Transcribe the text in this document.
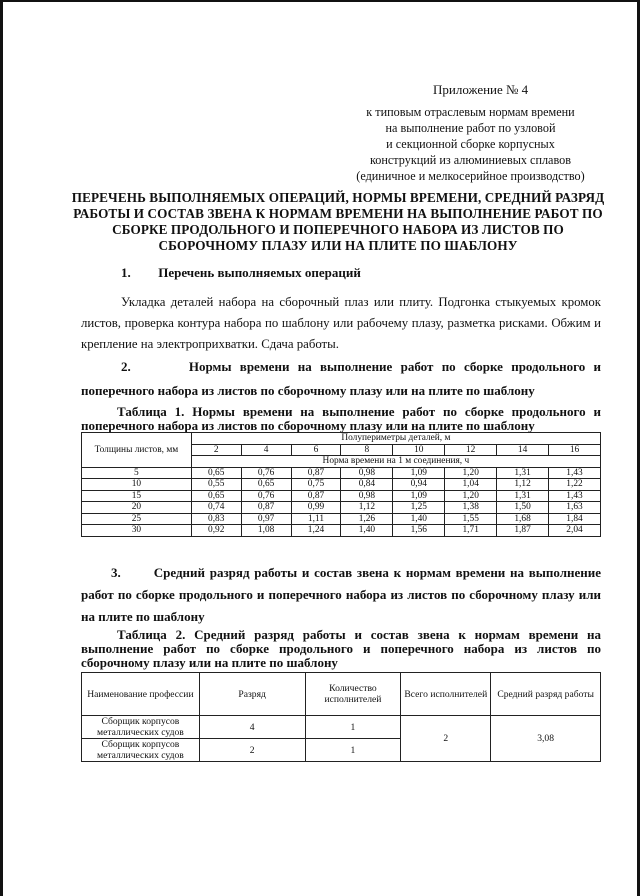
Приложение № 4
к типовым отраслевым нормам времени
на выполнение работ по узловой
и секционной сборке корпусных
конструкций из алюминиевых сплавов
(единичное и мелкосерийное производство)
ПЕРЕЧЕНЬ ВЫПОЛНЯЕМЫХ ОПЕРАЦИЙ, НОРМЫ ВРЕМЕНИ, СРЕДНИЙ РАЗРЯД РАБОТЫ И СОСТАВ ЗВЕНА К НОРМАМ ВРЕМЕНИ НА ВЫПОЛНЕНИЕ РАБОТ ПО СБОРКЕ ПРОДОЛЬНОГО И ПОПЕРЕЧНОГО НАБОРА ИЗ ЛИСТОВ ПО СБОРОЧНОМУ ПЛАЗУ ИЛИ НА ПЛИТЕ ПО ШАБЛОНУ
1. Перечень выполняемых операций
Укладка деталей набора на сборочный плаз или плиту. Подгонка стыкуемых кромок листов, проверка контура набора по шаблону или рабочему плазу, разметка рисками. Обжим и крепление на электроприхватки. Сдача работы.
2.	Нормы времени на выполнение работ по сборке продольного и поперечного набора из листов по сборочному плазу или на плите по шаблону
Таблица 1. Нормы времени на выполнение работ по сборке продольного и поперечного набора из листов по сборочному плазу или на плите по шаблону
Толщины листов, мм	Полупериметры деталей, м							
	2	4	6	8	10	12	14	16
	Норма времени на 1 м соединения, ч							
5	0,65	0,76	0,87	0,98	1,09	1,20	1,31	1,43
10	0,55	0,65	0,75	0,84	0,94	1,04	1,12	1,22
15	0,65	0,76	0,87	0,98	1,09	1,20	1,31	1,43
20	0,74	0,87	0,99	1,12	1,25	1,38	1,50	1,63
25	0,83	0,97	1,11	1,26	1,40	1,55	1,68	1,84
30	0,92	1,08	1,24	1,40	1,56	1,71	1,87	2,04
3.	Средний разряд работы и состав звена к нормам времени на выполнение работ по сборке продольного и поперечного набора из листов по сборочному плазу или на плите по шаблону
Таблица 2. Средний разряд работы и состав звена к нормам времени на выполнение работ по сборке продольного и поперечного набора из листов по сборочному плазу или на плите по шаблону
Наименование профессии	Разряд	Количество исполнителей	Всего исполнителей	Средний разряд работы
Сборщик корпусов металлических судов	4	1	2	3,08
Сборщик корпусов металлических судов	2	1		
